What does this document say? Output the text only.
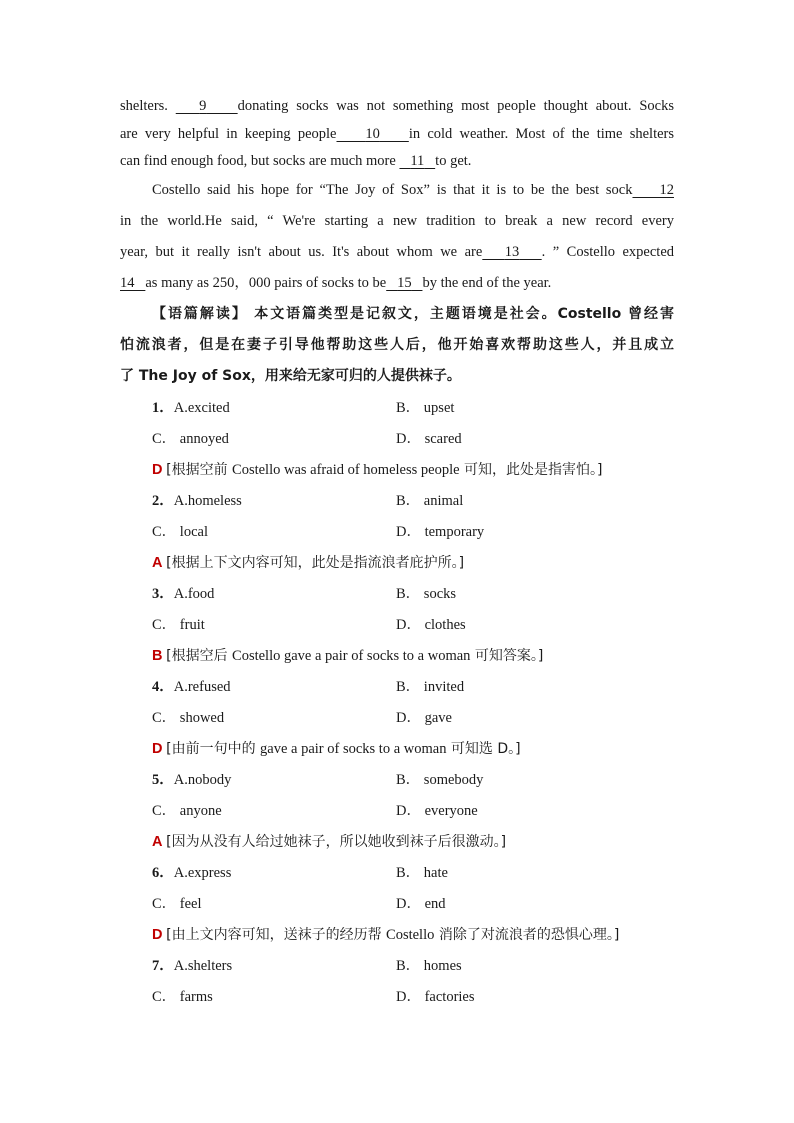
shelters. 9 donating socks was not something most people thought about. Socks
are very helpful in keeping people 10 in cold weather. Most of the time shelters
can find enough food, but socks are much more 11 to get.
Costello said his hope for “The Joy of Sox” is that it is to be the best sock 12
in the world.He said, “ We're starting a new tradition to break a new record every
year, but it really isn't about us. It's about whom we are 13 . ” Costello expected
14 as many as 250，000 pairs of socks to be 15 by the end of the year.
【语篇解读】 本文语篇类型是记叙文，主题语境是社会。Costello 曾经害
怕流浪者，但是在妻子引导他帮助这些人后，他开始喜欢帮助这些人，并且成立
了 The Joy of Sox，用来给无家可归的人提供袜子。
1．A.excited	B． upset
C． annoyed	D． scared
D [根据空前 Costello was afraid of homeless people 可知，此处是指害怕。]
2．A.homeless	B． animal
C． local	D． temporary
A [根据上下文内容可知，此处是指流浪者庇护所。]
3．A.food	B． socks
C． fruit	D． clothes
B [根据空后 Costello gave a pair of socks to a woman 可知答案。]
4．A.refused	B． invited
C． showed	D． gave
D [由前一句中的 gave a pair of socks to a woman 可知选 D。]
5．A.nobody	B． somebody
C． anyone	D． everyone
A [因为从没有人给过她袜子，所以她收到袜子后很激动。]
6．A.express	B． hate
C． feel	D． end
D [由上文内容可知，送袜子的经历帮 Costello 消除了对流浪者的恐惧心理。]
7．A.shelters	B． homes
C． farms	D． factories
